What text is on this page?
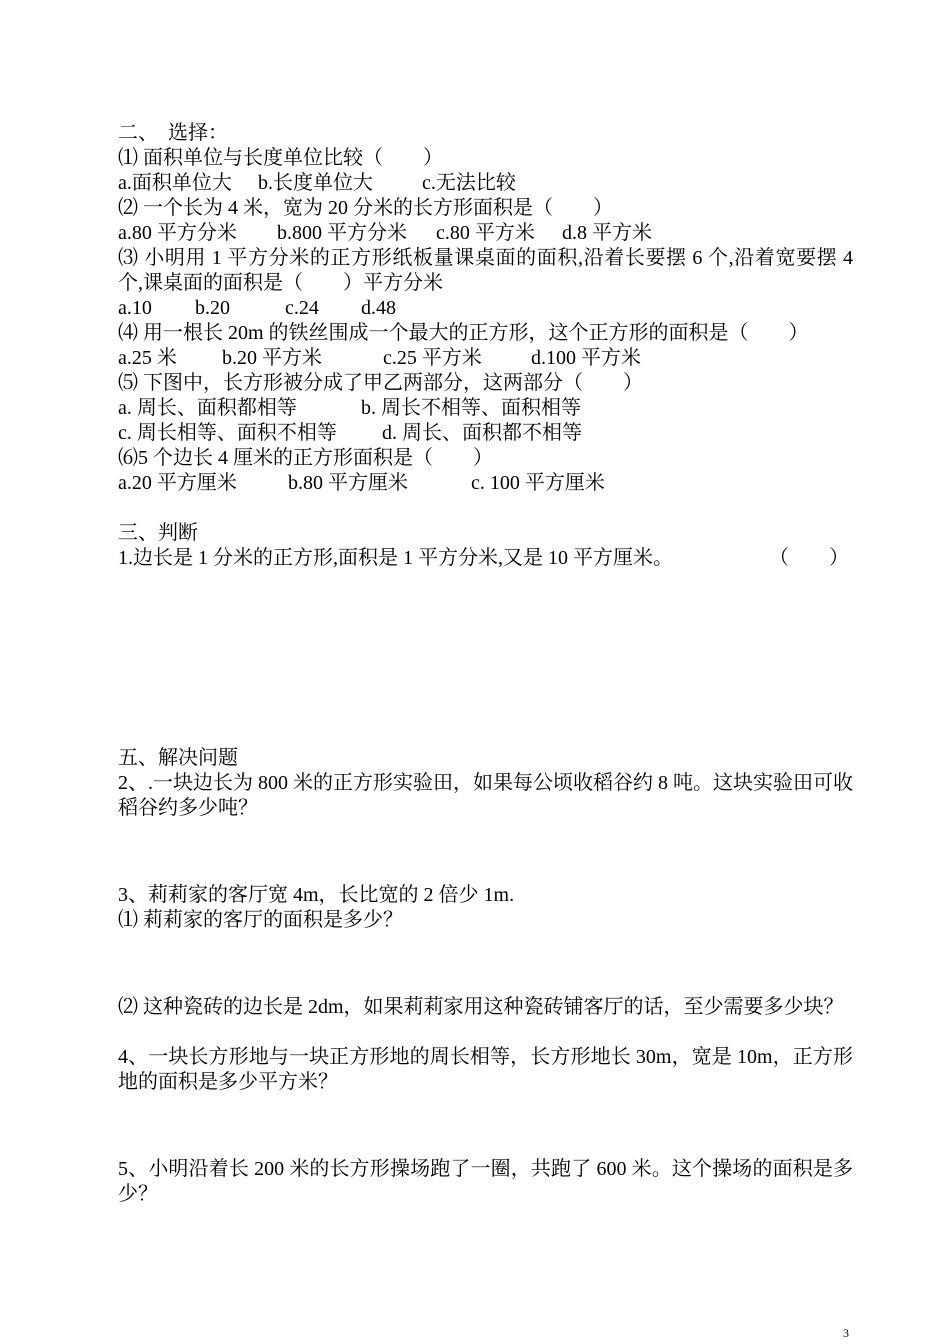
二、　选择：
⑴ 面积单位与长度单位比较（　　）
a.面积单位大	b.长度单位大	c.无法比较
⑵ 一个长为 4 米，宽为 20 分米的长方形面积是（　　）
a.80 平方分米	b.800 平方分米	c.80 平方米	d.8 平方米
⑶ 小明用 1 平方分米的正方形纸板量课桌面的面积,沿着长要摆 6 个,沿着宽要摆 4 个,课桌面的面积是（　　）平方分米
a.10	b.20	c.24	d.48
⑷ 用一根长 20m 的铁丝围成一个最大的正方形，这个正方形的面积是（　　）
a.25 米	b.20 平方米	c.25 平方米	d.100 平方米
⑸ 下图中，长方形被分成了甲乙两部分，这两部分（　　）
a. 周长、面积都相等	b. 周长不相等、面积相等
c. 周长相等、面积不相等	d. 周长、面积都不相等
⑹5 个边长 4 厘米的正方形面积是（　　）
a.20 平方厘米	b.80 平方厘米	c. 100 平方厘米
三、判断
1.边长是 1 分米的正方形,面积是 1 平方分米,又是 10 平方厘米。	（　　）

五、解决问题
2、.一块边长为 800 米的正方形实验田，如果每公顷收稻谷约 8 吨。这块实验田可收稻谷约多少吨？
3、莉莉家的客厅宽 4m，长比宽的 2 倍少 1m.
⑴ 莉莉家的客厅的面积是多少？
⑵ 这种瓷砖的边长是 2dm，如果莉莉家用这种瓷砖铺客厅的话，至少需要多少块？
4、一块长方形地与一块正方形地的周长相等，长方形地长 30m，宽是 10m，正方形地的面积是多少平方米？
5、小明沿着长 200 米的长方形操场跑了一圈，共跑了 600 米。这个操场的面积是多少？
3
